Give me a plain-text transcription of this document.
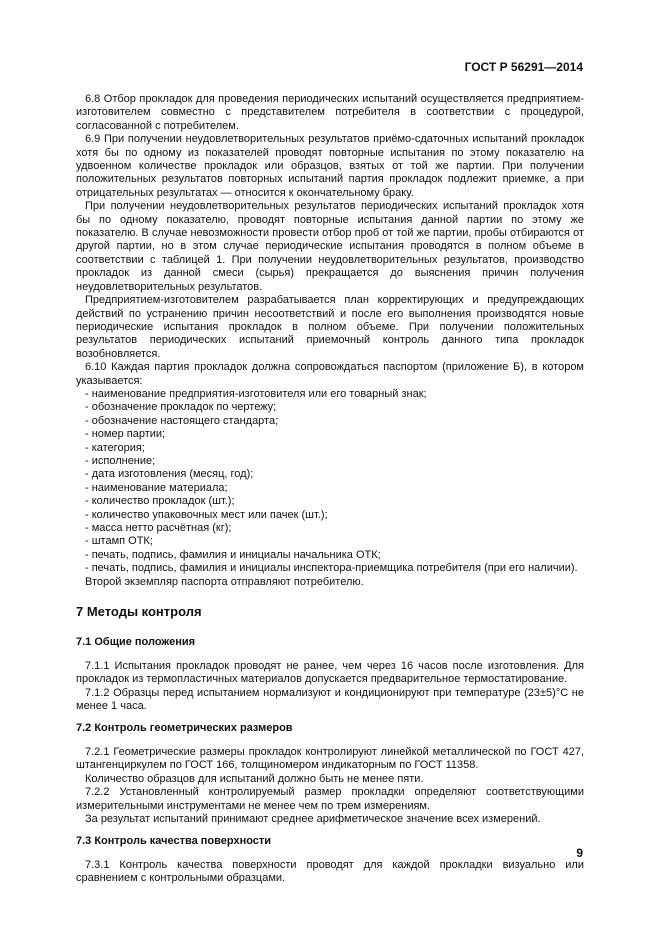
ГОСТ Р 56291—2014

6.8 Отбор прокладок для проведения периодических испытаний осуществляется предприятием-изготовителем совместно с представителем потребителя в соответствии с процедурой, согласованной с потребителем.

6.9 При получении неудовлетворительных результатов приёмо-сдаточных испытаний прокладок хотя бы по одному из показателей проводят повторные испытания по этому показателю на удвоенном количестве прокладок или образцов, взятых от той же партии. При получении положительных результатов повторных испытаний партия прокладок подлежит приемке, а при отрицательных результатах — относится к окончательному браку.

При получении неудовлетворительных результатов периодических испытаний прокладок хотя бы по одному показателю, проводят повторные испытания данной партии по этому же показателю. В случае невозможности провести отбор проб от той же партии, пробы отбираются от другой партии, но в этом случае периодические испытания проводятся в полном объеме в соответствии с таблицей 1. При получении неудовлетворительных результатов, производство прокладок из данной смеси (сырья) прекращается до выяснения причин получения неудовлетворительных результатов.

Предприятием-изготовителем разрабатывается план корректирующих и предупреждающих действий по устранению причин несоответствий и после его выполнения производятся новые периодические испытания прокладок в полном объеме. При получении положительных результатов периодических испытаний приемочный контроль данного типа прокладок возобновляется.

6.10 Каждая партия прокладок должна сопровождаться паспортом (приложение Б), в котором указывается:

- наименование предприятия-изготовителя или его товарный знак;

- обозначение прокладок по чертежу;

- обозначение настоящего стандарта;

- номер партии;

- категория;

- исполнение;

- дата изготовления (месяц, год);

- наименование материала;

- количество прокладок (шт.);

- количество упаковочных мест или пачек (шт.);

- масса нетто расчётная (кг);

- штамп ОТК;

- печать, подпись, фамилия и инициалы начальника ОТК;

- печать, подпись, фамилия и инициалы инспектора-приемщика потребителя (при его наличии).

Второй экземпляр паспорта отправляют потребителю.

7 Методы контроля
7.1 Общие положения

7.1.1 Испытания прокладок проводят не ранее, чем через 16 часов после изготовления. Для прокладок из термопластичных материалов допускается предварительное термостатирование.

7.1.2 Образцы перед испытанием нормализуют и кондиционируют при температуре (23±5)°С не менее 1 часа.

7.2 Контроль геометрических размеров

7.2.1 Геометрические размеры прокладок контролируют линейкой металлической по ГОСТ 427, штангенциркулем по ГОСТ 166, толщиномером индикаторным по ГОСТ 11358.

Количество образцов для испытаний должно быть не менее пяти.

7.2.2 Установленный контролируемый размер прокладки определяют соответствующими измерительными инструментами не менее чем по трем измерениям.

За результат испытаний принимают среднее арифметическое значение всех измерений.

7.3 Контроль качества поверхности

7.3.1 Контроль качества поверхности проводят для каждой прокладки визуально или сравнением с контрольными образцами.

9
